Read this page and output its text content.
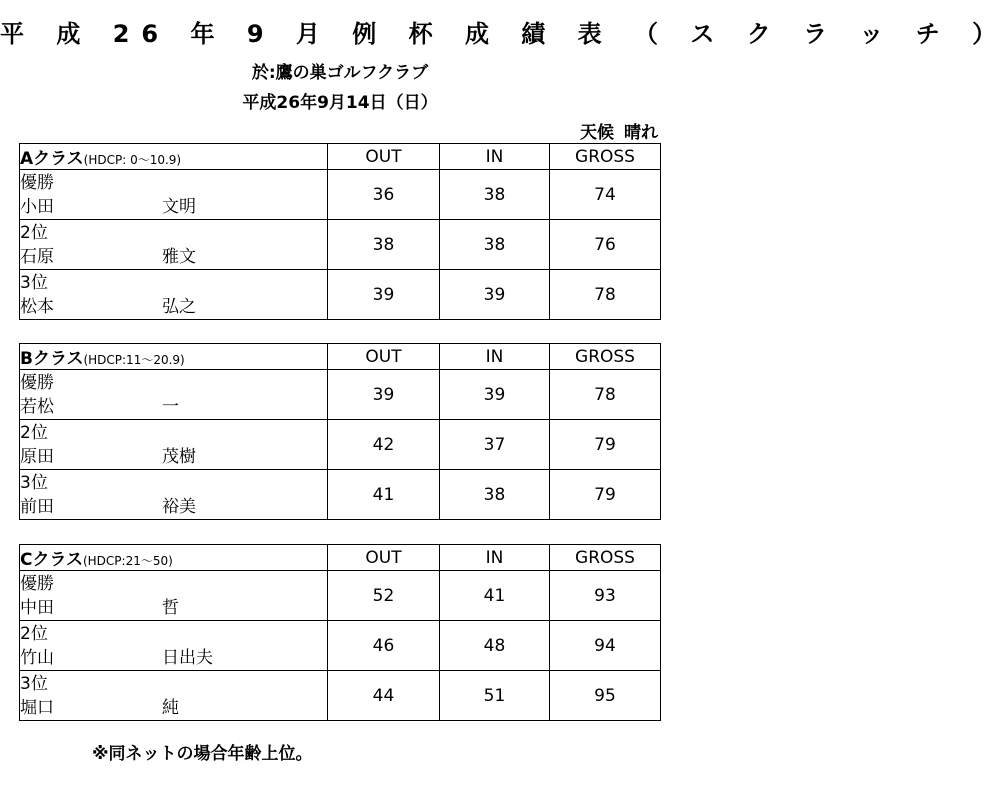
平 成 26 年 9 月 例 杯 成 績 表 （ ス ク ラ ッ チ ）
於:鷹の巣ゴルフクラブ
平成26年9月14日（日）
天候 晴れ
Aクラス(HDCP: 0～10.9)	OUT	IN	GROSS

優勝
小田 文明	36	38	74

2位
石原 雅文	38	38	76

3位
松本 弘之	39	39	78
Bクラス(HDCP:11～20.9)	OUT	IN	GROSS

優勝
若松 一	39	39	78

2位
原田 茂樹	42	37	79

3位
前田 裕美	41	38	79
Cクラス(HDCP:21～50)	OUT	IN	GROSS

優勝
中田 哲	52	41	93

2位
竹山 日出夫	46	48	94

3位
堀口 純	44	51	95
※同ネットの場合年齢上位。
